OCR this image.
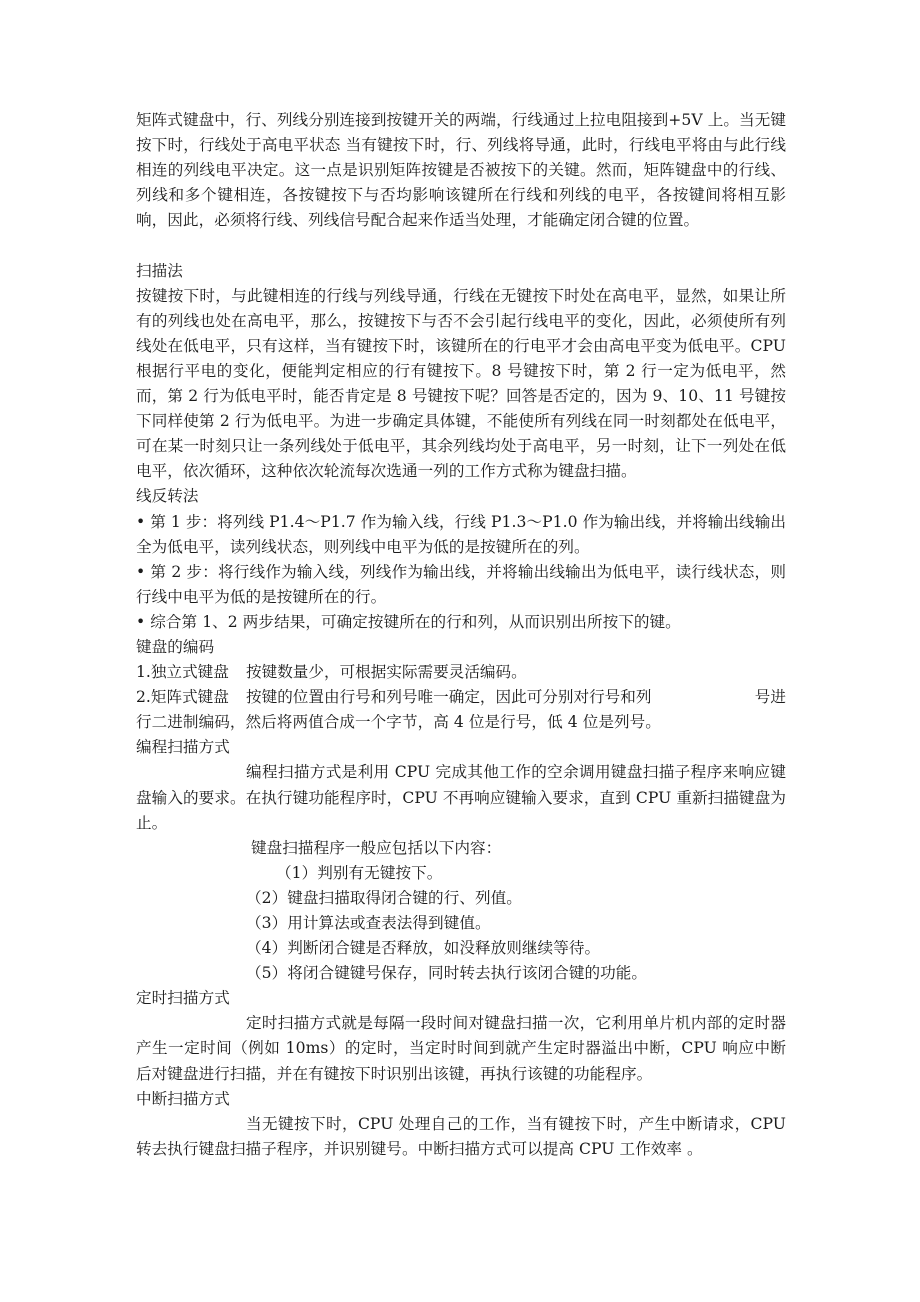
矩阵式键盘中，行、列线分别连接到按键开关的两端，行线通过上拉电阻接到+5V 上。当无键按下时，行线处于高电平状态 当有键按下时，行、列线将导通，此时，行线电平将由与此行线相连的列线电平决定。这一点是识别矩阵按键是否被按下的关键。然而，矩阵键盘中的行线、列线和多个键相连，各按键按下与否均影响该键所在行线和列线的电平，各按键间将相互影响，因此，必须将行线、列线信号配合起来作适当处理，才能确定闭合键的位置。

扫描法

按键按下时，与此键相连的行线与列线导通，行线在无键按下时处在高电平，显然，如果让所有的列线也处在高电平，那么，按键按下与否不会引起行线电平的变化，因此，必须使所有列线处在低电平，只有这样，当有键按下时，该键所在的行电平才会由高电平变为低电平。CPU 根据行平电的变化，便能判定相应的行有键按下。8 号键按下时，第 2 行一定为低电平，然而，第 2 行为低电平时，能否肯定是 8 号键按下呢？回答是否定的，因为 9、10、11 号键按下同样使第 2 行为低电平。为进一步确定具体键，不能使所有列线在同一时刻都处在低电平，可在某一时刻只让一条列线处于低电平，其余列线均处于高电平，另一时刻，让下一列处在低电平，依次循环，这种依次轮流每次选通一列的工作方式称为键盘扫描。

线反转法

• 第 1 步：将列线 P1.4～P1.7 作为输入线，行线 P1.3～P1.0 作为输出线，并将输出线输出全为低电平，读列线状态，则列线中电平为低的是按键所在的列。

• 第 2 步：将行线作为输入线，列线作为输出线，并将输出线输出为低电平，读行线状态，则行线中电平为低的是按键所在的行。

• 综合第 1、2 两步结果，可确定按键所在的行和列，从而识别出所按下的键。

键盘的编码

1.独立式键盘	按键数量少，可根据实际需要灵活编码。
2.矩阵式键盘	按键的位置由行号和列号唯一确定，因此可分别对行号和列	号进

行二进制编码，然后将两值合成一个字节，高 4 位是行号，低 4 位是列号。

编程扫描方式

编程扫描方式是利用 CPU 完成其他工作的空余调用键盘扫描子程序来响应键盘输入的要求。在执行键功能程序时，CPU 不再响应键输入要求，直到 CPU 重新扫描键盘为止。

键盘扫描程序一般应包括以下内容：

（1）判别有无键按下。

（2）键盘扫描取得闭合键的行、列值。

（3）用计算法或查表法得到键值。

（4）判断闭合键是否释放，如没释放则继续等待。

（5）将闭合键键号保存，同时转去执行该闭合键的功能。

定时扫描方式

定时扫描方式就是每隔一段时间对键盘扫描一次，它利用单片机内部的定时器产生一定时间（例如 10ms）的定时，当定时时间到就产生定时器溢出中断，CPU 响应中断后对键盘进行扫描，并在有键按下时识别出该键，再执行该键的功能程序。

中断扫描方式

当无键按下时，CPU 处理自己的工作，当有键按下时，产生中断请求，CPU 转去执行键盘扫描子程序，并识别键号。中断扫描方式可以提高 CPU 工作效率 。
